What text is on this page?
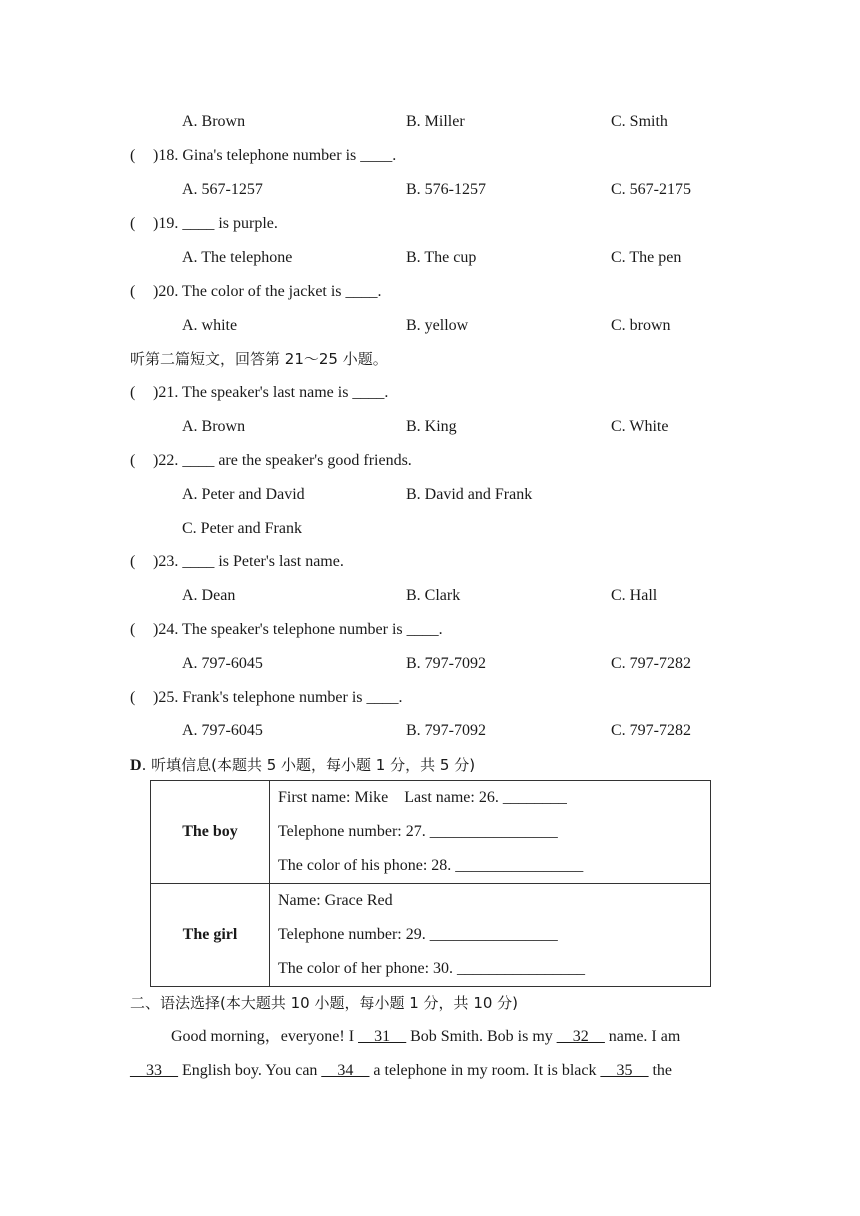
A. Brown	B. Miller	C. Smith
( )18. Gina's telephone number is ____.
A. 567-1257	B. 576-1257	C. 567-2175
( )19. ____ is purple.
A. The telephone	B. The cup	C. The pen
( )20. The color of the jacket is ____.
A. white	B. yellow	C. brown
听第二篇短文，回答第 21～25 小题。
( )21. The speaker's last name is ____.
A. Brown	B. King	C. White
( )22. ____ are the speaker's good friends.
A. Peter and David	B. David and Frank
C. Peter and Frank
( )23. ____ is Peter's last name.
A. Dean	B. Clark	C. Hall
( )24. The speaker's telephone number is ____.
A. 797-6045	B. 797-7092	C. 797-7282
( )25. Frank's telephone number is ____.
A. 797-6045	B. 797-7092	C. 797-7282
D. 听填信息(本题共 5 小题，每小题 1 分，共 5 分)
The boy	First name: Mike    Last name: 26. ________
Telephone number: 27. ________________
The color of his phone: 28. ________________

The girl	Name: Grace Red
Telephone number: 29. ________________
The color of her phone: 30. ________________
二、语法选择(本大题共 10 小题，每小题 1 分，共 10 分)
Good morning，everyone! I __31__ Bob Smith. Bob is my __32__ name. I am
__33__ English boy. You can __34__ a telephone in my room. It is black __35__ the
